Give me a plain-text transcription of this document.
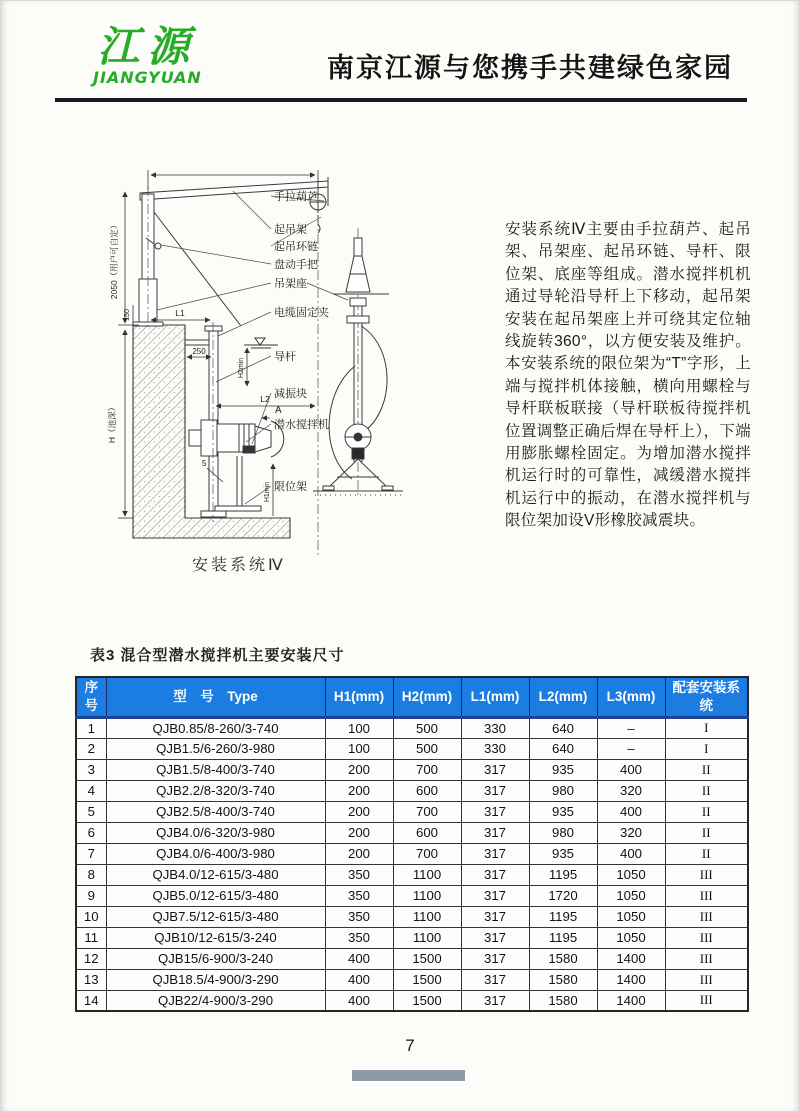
江源
JIANGYUAN	南京江源与您携手共建绿色家园
手拉葫芦
起吊架
起吊环链
盘动手把
吊架座
电缆固定夹
导杆
减振块
潜水搅拌机
限位架
2050（用户可自定）
H（池深）
250
150	L1
L2
H2min
H1min
5
A
安装系统Ⅳ

安装系统Ⅳ主要由手拉葫芦、起吊架、吊架座、起吊环链、导杆、限位架、底座等组成。潜水搅拌机机通过导轮沿导杆上下移动，起吊架安装在起吊架座上并可绕其定位轴线旋转360°，以方便安装及维护。本安装系统的限位架为“T”字形，上端与搅拌机体接触，横向用螺栓与导杆联板联接（导杆联板待搅拌机位置调整正确后焊在导杆上），下端用膨胀螺栓固定。为增加潜水搅拌机运行时的可靠性，减缓潜水搅拌机运行中的振动，在潜水搅拌机与限位架加设V形橡胶减震块。

表3 混合型潜水搅拌机主要安装尺寸
序号	型　号　Type	H1(mm)	H2(mm)	L1(mm)	L2(mm)	L3(mm)	配套安装系统
1	QJB0.85/8-260/3-740	100	500	330	640	–	I
2	QJB1.5/6-260/3-980	100	500	330	640	–	I
3	QJB1.5/8-400/3-740	200	700	317	935	400	II
4	QJB2.2/8-320/3-740	200	600	317	980	320	II
5	QJB2.5/8-400/3-740	200	700	317	935	400	II
6	QJB4.0/6-320/3-980	200	600	317	980	320	II
7	QJB4.0/6-400/3-980	200	700	317	935	400	II
8	QJB4.0/12-615/3-480	350	1100	317	1195	1050	III
9	QJB5.0/12-615/3-480	350	1100	317	1720	1050	III
10	QJB7.5/12-615/3-480	350	1100	317	1195	1050	III
11	QJB10/12-615/3-240	350	1100	317	1195	1050	III
12	QJB15/6-900/3-240	400	1500	317	1580	1400	III
13	QJB18.5/4-900/3-290	400	1500	317	1580	1400	III
14	QJB22/4-900/3-290	400	1500	317	1580	1400	III
7
